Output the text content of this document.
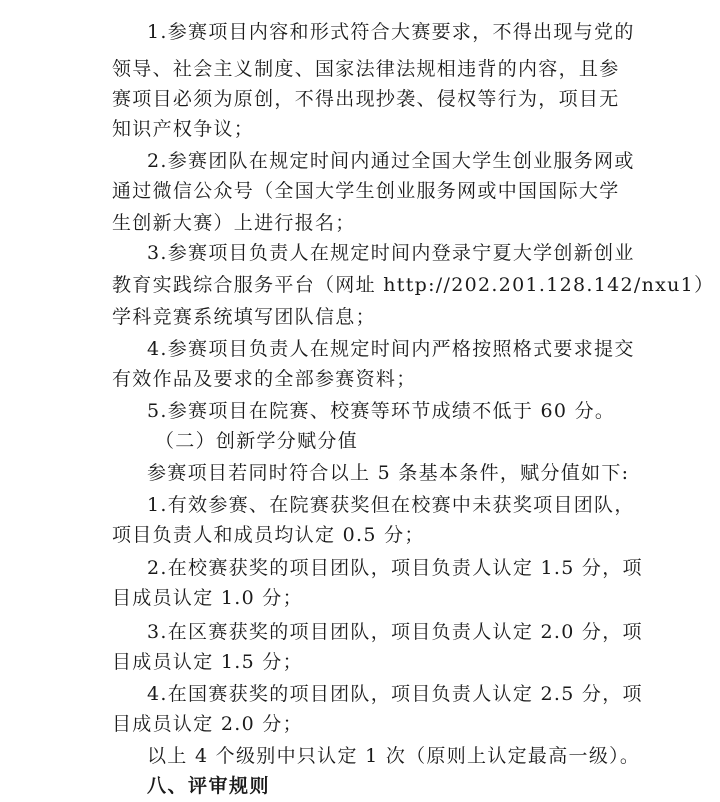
1.参赛项目内容和形式符合大赛要求，不得出现与党的
领导、社会主义制度、国家法律法规相违背的内容，且参
赛项目必须为原创，不得出现抄袭、侵权等行为，项目无
知识产权争议；
2.参赛团队在规定时间内通过全国大学生创业服务网或
通过微信公众号（全国大学生创业服务网或中国国际大学
生创新大赛）上进行报名；
3.参赛项目负责人在规定时间内登录宁夏大学创新创业
教育实践综合服务平台（网址 http://202.201.128.142/nxu1）
学科竞赛系统填写团队信息；
4.参赛项目负责人在规定时间内严格按照格式要求提交
有效作品及要求的全部参赛资料；
5.参赛项目在院赛、校赛等环节成绩不低于 60 分。
（二）创新学分赋分值
参赛项目若同时符合以上 5 条基本条件，赋分值如下:
1.有效参赛、在院赛获奖但在校赛中未获奖项目团队，
项目负责人和成员均认定 0.5 分；
2.在校赛获奖的项目团队，项目负责人认定 1.5 分，项
目成员认定 1.0 分；
3.在区赛获奖的项目团队，项目负责人认定 2.0 分，项
目成员认定 1.5 分；
4.在国赛获奖的项目团队，项目负责人认定 2.5 分，项
目成员认定 2.0 分；
以上 4 个级别中只认定 1 次（原则上认定最高一级）。
八、评审规则
